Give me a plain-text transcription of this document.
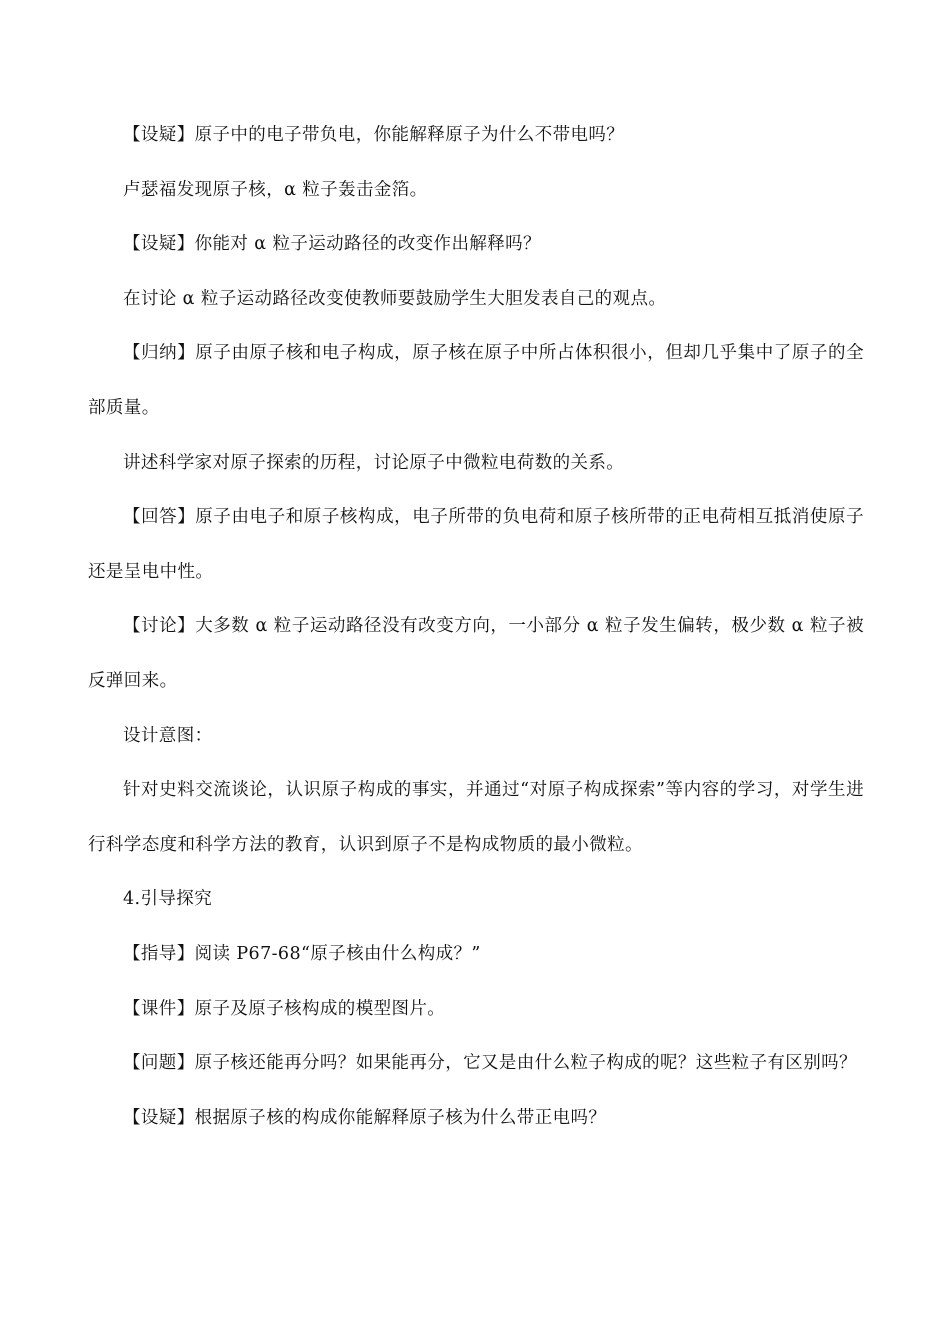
【设疑】原子中的电子带负电，你能解释原子为什么不带电吗？

卢瑟福发现原子核，α 粒子轰击金箔。

【设疑】你能对 α 粒子运动路径的改变作出解释吗？

在讨论 α 粒子运动路径改变使教师要鼓励学生大胆发表自己的观点。

【归纳】原子由原子核和电子构成，原子核在原子中所占体积很小，但却几乎集中了原子的全部质量。

讲述科学家对原子探索的历程，讨论原子中微粒电荷数的关系。

【回答】原子由电子和原子核构成，电子所带的负电荷和原子核所带的正电荷相互抵消使原子还是呈电中性。

【讨论】大多数 α 粒子运动路径没有改变方向，一小部分 α 粒子发生偏转，极少数 α 粒子被反弹回来。

设计意图：

针对史料交流谈论，认识原子构成的事实，并通过“对原子构成探索”等内容的学习，对学生进行科学态度和科学方法的教育，认识到原子不是构成物质的最小微粒。

4.引导探究

【指导】阅读 P67-68“原子核由什么构成？”

【课件】原子及原子核构成的模型图片。

【问题】原子核还能再分吗？如果能再分，它又是由什么粒子构成的呢？这些粒子有区别吗？

【设疑】根据原子核的构成你能解释原子核为什么带正电吗？
